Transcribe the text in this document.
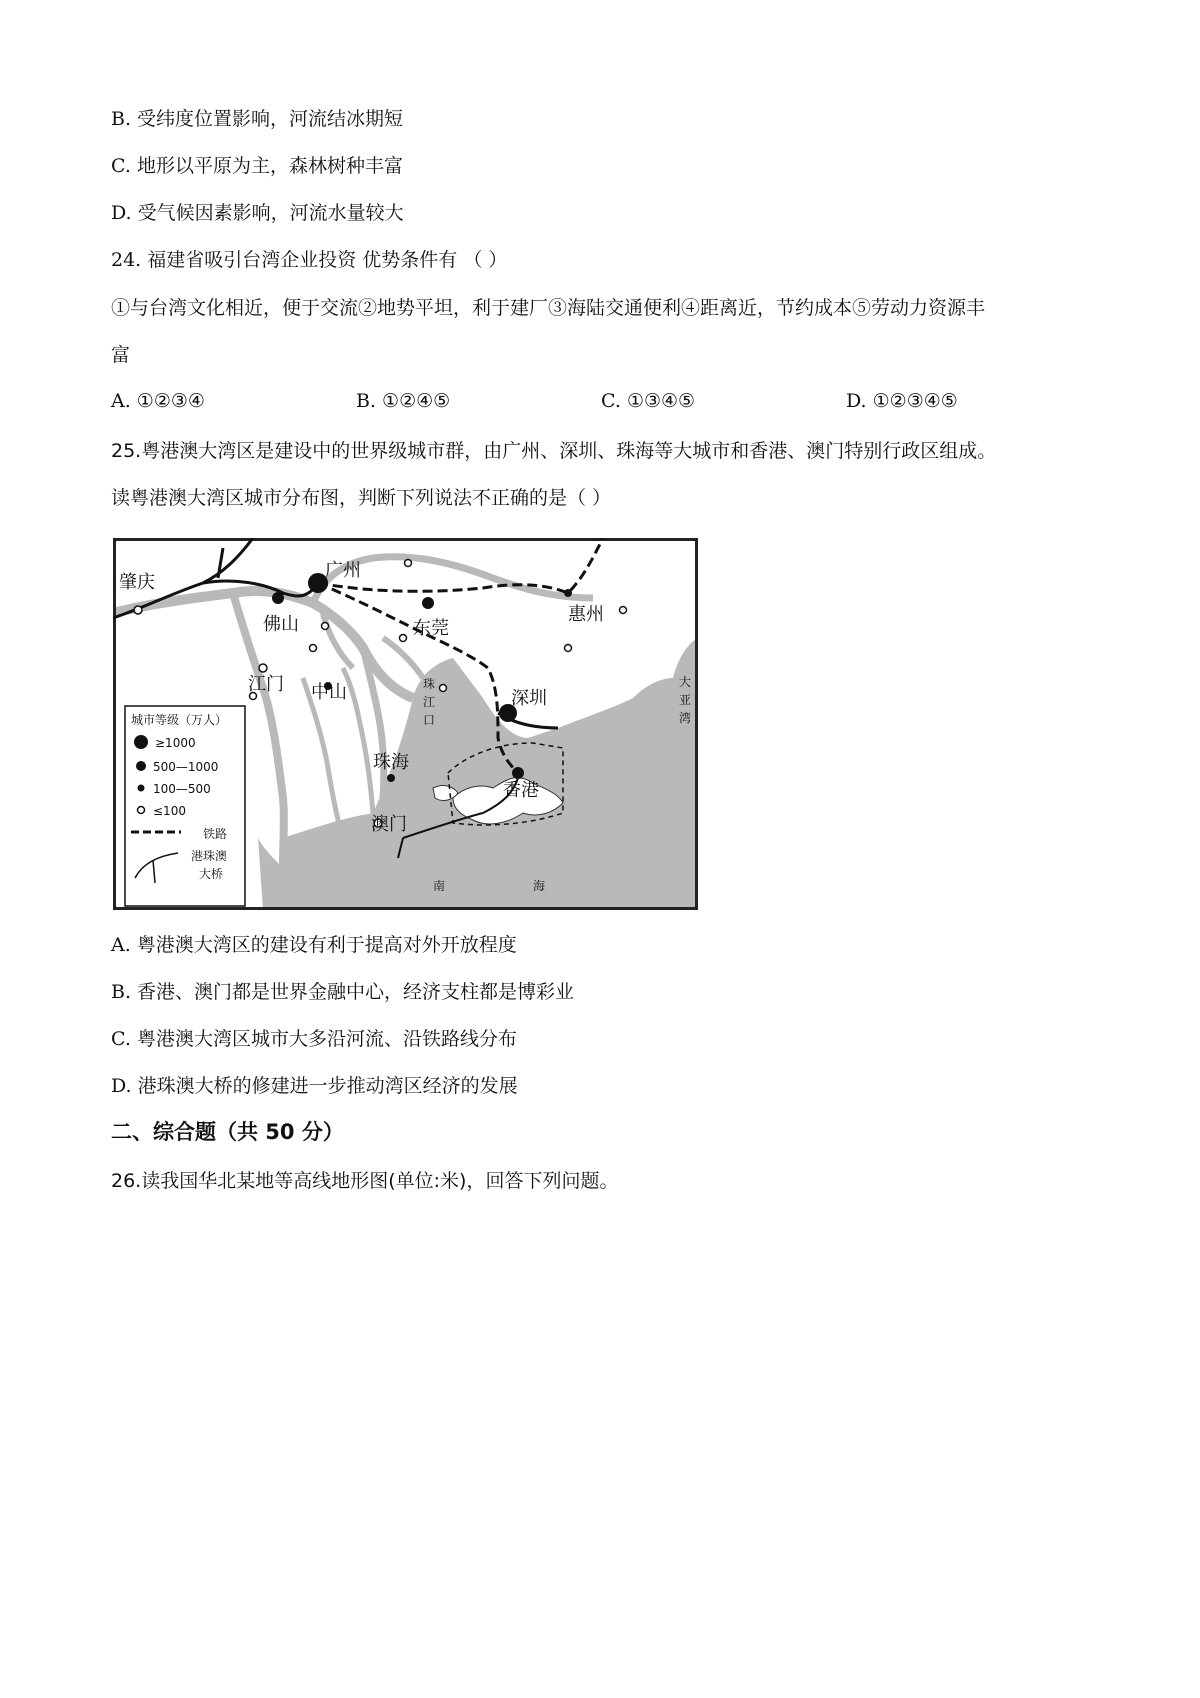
B. 受纬度位置影响，河流结冰期短
C. 地形以平原为主，森林树种丰富
D. 受气候因素影响，河流水量较大
24. 福建省吸引台湾企业投资 优势条件有 （ ）
①与台湾文化相近，便于交流②地势平坦，利于建厂③海陆交通便利④距离近，节约成本⑤劳动力资源丰
富
A. ①②③④	B. ①②④⑤	C. ①③④⑤	D. ①②③④⑤
25.粤港澳大湾区是建设中的世界级城市群，由广州、深圳、珠海等大城市和香港、澳门特别行政区组成。
读粤港澳大湾区城市分布图，判断下列说法不正确的是（ ）
肇庆
广州
佛山	东莞
惠州
江门 中山	深圳
珠海
香港
澳门
珠
江
口
大
亚
湾
南	海
城市等级（万人）
≥1000
500—1000
100—500
≤100
铁路
港珠澳
大桥
A. 粤港澳大湾区的建设有利于提高对外开放程度
B. 香港、澳门都是世界金融中心，经济支柱都是博彩业
C. 粤港澳大湾区城市大多沿河流、沿铁路线分布
D. 港珠澳大桥的修建进一步推动湾区经济的发展
二、综合题（共 50 分）
26.读我国华北某地等高线地形图(单位:米)，回答下列问题。
